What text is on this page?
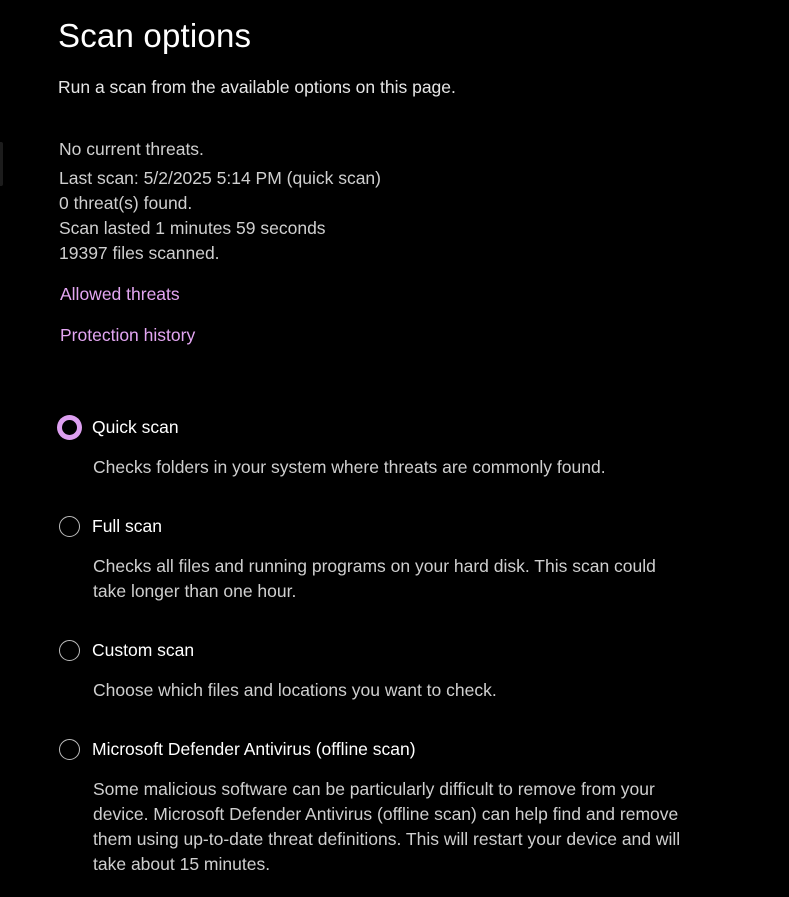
Scan options

Run a scan from the available options on this page.

No current threats.
Last scan: 5/2/2025 5:14 PM (quick scan)
0 threat(s) found.
Scan lasted 1 minutes 59 seconds
19397 files scanned.
Allowed threats
Protection history
Quick scan

Checks folders in your system where threats are commonly found.

Full scan

Checks all files and running programs on your hard disk. This scan could take longer than one hour.

Custom scan

Choose which files and locations you want to check.

Microsoft Defender Antivirus (offline scan)

Some malicious software can be particularly difficult to remove from your device. Microsoft Defender Antivirus (offline scan) can help find and remove them using up-to-date threat definitions. This will restart your device and will take about 15 minutes.
